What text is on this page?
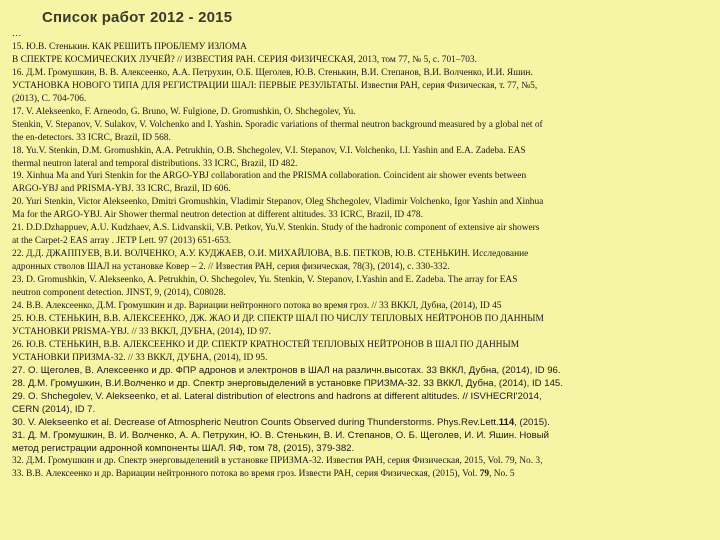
Список работ 2012 - 2015
…
15. Ю.В. Стенькин. КАК РЕШИТЬ ПРОБЛЕМУ ИЗЛОМА
В СПЕКТРЕ КОСМИЧЕСКИХ ЛУЧЕЙ? // ИЗВЕСТИЯ РАН. СЕРИЯ ФИЗИЧЕСКАЯ, 2013, том 77, № 5, с. 701–703.
16. Д.М. Громушкин, В. В. Алексеенко, А.А. Петрухин, О.Б. Щеголев, Ю.В. Стенькин, В.И. Степанов, В.И. Волченко, И.И. Яшин.
УСТАНОВКА НОВОГО ТИПА ДЛЯ РЕГИСТРАЦИИ ШАЛ: ПЕРВЫЕ РЕЗУЛЬТАТЫ. Известия РАН, серия Физическая, т. 77, №5,
(2013), С. 704-706.
17. V. Alekseenko, F. Arneodo, G. Bruno, W. Fulgione, D. Gromushkin, O. Shchegolev, Yu.
Stenkin, V. Stepanov, V. Sulakov, V. Volchenko and I. Yashin. Sporadic variations of thermal neutron background measured by a global net of
the en-detectors. 33 ICRC, Brazil, ID 568.
18. Yu.V. Stenkin, D.M. Gromushkin, A.A. Petrukhin, O.B. Shchegolev, V.I. Stepanov, V.I. Volchenko, I.I. Yashin and E.A. Zadeba. EAS
thermal neutron lateral and temporal distributions. 33 ICRC, Brazil, ID 482.
19. Xinhua Ma and Yuri Stenkin for the ARGO-YBJ collaboration and the PRISMA collaboration. Coincident air shower events between
ARGO-YBJ and PRISMA-YBJ. 33 ICRC, Brazil, ID 606.
20. Yuri Stenkin, Victor Alekseenko, Dmitri Gromushkin, Vladimir Stepanov, Oleg Shchegolev, Vladimir Volchenko, Igor Yashin and Xinhua
Ma for the ARGO-YBJ. Air Shower thermal neutron detection at different altitudes. 33 ICRC, Brazil, ID 478.
21. D.D.Dzhappuev, A.U. Kudzhaev, A.S. Lidvanskii, V.B. Petkov, Yu.V. Stenkin. Study of the hadronic component of extensive air showers
at the Carpet-2 EAS array . JETP Lett. 97 (2013) 651-653.
22. Д.Д. ДЖАППУЕВ, В.И. ВОЛЧЕНКО, А.У. КУДЖАЕВ, О.И. МИХАЙЛОВА, В.Б. ПЕТКОВ, Ю.В. СТЕНЬКИН. Исследование
адронных стволов ШАЛ на установке Ковер – 2. // Известия РАН, серия физическая, 78(3), (2014), с. 330-332.
23. D. Gromushkin, V. Alekseenko, A. Petrukhin, O. Shchegolev, Yu. Stenkin, V. Stepanov, I.Yashin and E. Zadeba. The array for EAS
neutron component detection. JINST, 9, (2014), C08028.
24. В.В. Алексеенко, Д.М. Громушкин и др. Вариации нейтронного потока во время гроз. // 33 ВККЛ, Дубна, (2014), ID 45
25. Ю.В. СТЕНЬКИН, В.В. АЛЕКСЕЕНКО, ДЖ. ЖАО И ДР. СПЕКТР ШАЛ ПО ЧИСЛУ ТЕПЛОВЫХ НЕЙТРОНОВ ПО ДАННЫМ
УСТАНОВКИ PRISMA-YBJ. // 33 ВККЛ, ДУБНА, (2014), ID 97.
26. Ю.В. СТЕНЬКИН, В.В. АЛЕКСЕЕНКО И ДР. СПЕКТР КРАТНОСТЕЙ ТЕПЛОВЫХ НЕЙТРОНОВ В ШАЛ ПО ДАННЫМ
УСТАНОВКИ ПРИЗМА-32. // 33 ВККЛ, ДУБНА, (2014), ID 95.
27. О. Щеголев, В. Алексеенко и др. ФПР адронов и электронов в ШАЛ на различн.высотах. 33 ВККЛ, Дубна, (2014), ID 96.
28. Д.М. Громушкин, В.И.Волченко и др. Спектр энерговыделений в установке ПРИЗМА-32. 33 ВККЛ, Дубна, (2014), ID 145.
29. O. Shchegolev, V. Alekseenko, et al. Lateral distribution of electrons and hadrons at different altitudes. // ISVHECRI'2014,
CERN (2014), ID 7.
30. V. Alekseenko et al. Decrease of Atmospheric Neutron Counts Observed during Thunderstorms. Phys.Rev.Lett.114, (2015).
31. Д. М. Громушкин, В. И. Волченко, А. А. Петрухин, Ю. В. Стенькин, В. И. Степанов, О. Б. Щеголев, И. И. Яшин. Новый
метод регистрации адронной компоненты ШАЛ. ЯФ, том 78, (2015), 379-382.
32. Д.М. Громушкин и др. Спектр энерговыделений в установке ПРИЗМА-32. Известия РАН, серия Физическая, 2015, Vol. 79, No. 3,
33. В.В. Алексеенко и др. Вариации нейтронного потока во время гроз. Извести РАН, серия Физическая, (2015), Vol. 79, No. 5
